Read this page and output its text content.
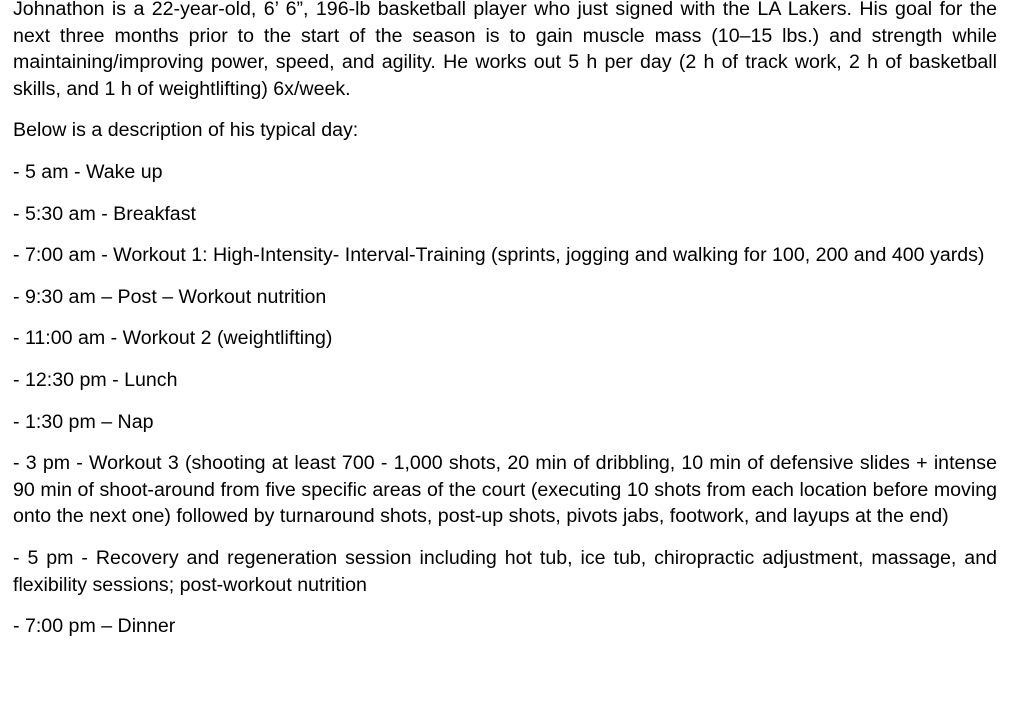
Johnathon is a 22-year-old, 6’ 6”, 196-lb basketball player who just signed with the LA Lakers. His goal for the next three months prior to the start of the season is to gain muscle mass (10–15 lbs.) and strength while maintaining/improving power, speed, and agility. He works out 5 h per day (2 h of track work, 2 h of basketball skills, and 1 h of weightlifting) 6x/week.

Below is a description of his typical day:

- 5 am - Wake up

- 5:30 am - Breakfast

- 7:00 am - Workout 1: High-Intensity- Interval-Training (sprints, jogging and walking for 100, 200 and 400 yards)

- 9:30 am – Post – Workout nutrition

- 11:00 am - Workout 2 (weightlifting)

- 12:30 pm - Lunch

- 1:30 pm – Nap

- 3 pm - Workout 3 (shooting at least 700 - 1,000 shots, 20 min of dribbling, 10 min of defensive slides + intense 90 min of shoot-around from five specific areas of the court (executing 10 shots from each location before moving onto the next one) followed by turnaround shots, post-up shots, pivots jabs, footwork, and layups at the end)

- 5 pm - Recovery and regeneration session including hot tub, ice tub, chiropractic adjustment, massage, and flexibility sessions; post-workout nutrition

- 7:00 pm – Dinner
